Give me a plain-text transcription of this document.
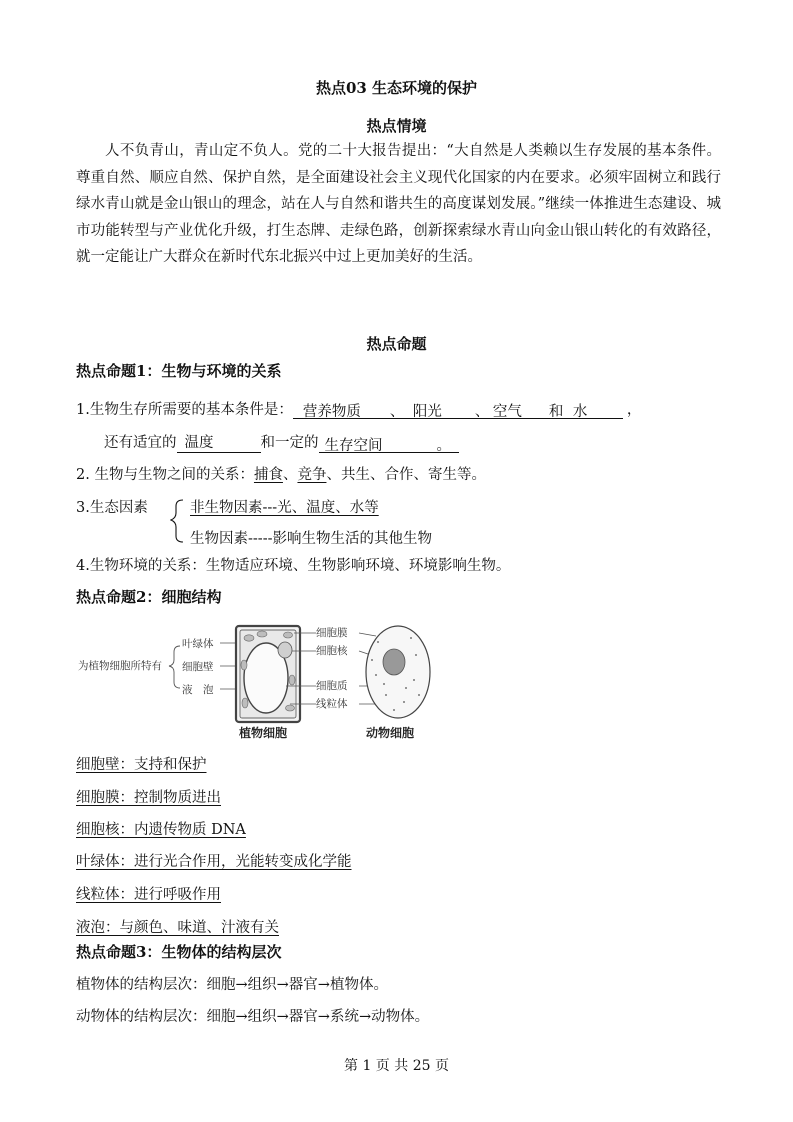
热点03 生态环境的保护
热点情境
人不负青山，青山定不负人。党的二十大报告提出：“大自然是人类赖以生存发展的基本条件。尊重自然、顺应自然、保护自然，是全面建设社会主义现代化国家的内在要求。必须牢固树立和践行绿水青山就是金山银山的理念，站在人与自然和谐共生的高度谋划发展。”继续一体推进生态建设、城市功能转型与产业优化升级，打生态牌、走绿色路，创新探索绿水青山向金山银山转化的有效路径，就一定能让广大群众在新时代东北振兴中过上更加美好的生活。
热点命题
热点命题1：生物与环境的关系
1.生物生存所需要的基本条件是： 营养物质 、 阳光 、 空气 和 水	，
还有适宜的 温度	和一定的 生存空间	。
2. 生物与生物之间的关系：捕食、竞争、共生、合作、寄生等。
3.生态因素	非生物因素---光、温度、水等
生物因素-----影响生物生活的其他生物
4.生物环境的关系：生物适应环境、生物影响环境、环境影响生物。
热点命题2：细胞结构
为植物细胞所特有
叶绿体
细胞壁
液　泡
细胞膜
细胞核
细胞质
线粒体
植物细胞	动物细胞
细胞壁：支持和保护
细胞膜：控制物质进出
细胞核：内遗传物质 DNA
叶绿体：进行光合作用，光能转变成化学能
线粒体：进行呼吸作用
液泡：与颜色、味道、汁液有关
热点命题3：生物体的结构层次
植物体的结构层次：细胞→组织→器官→植物体。
动物体的结构层次：细胞→组织→器官→系统→动物体。
第 1 页 共 25 页
